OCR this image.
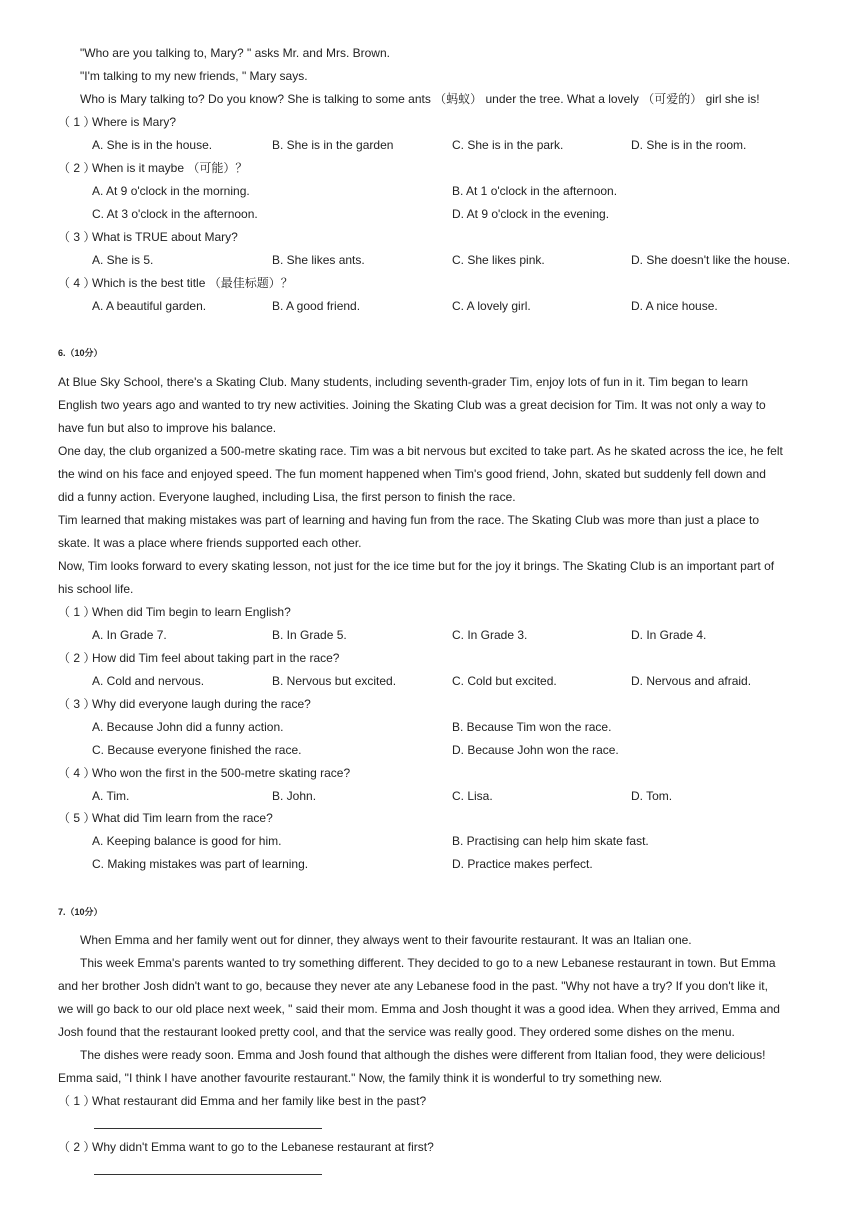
"Who are you talking to, Mary? " asks Mr. and Mrs. Brown.
"I'm talking to my new friends, " Mary says.
Who is Mary talking to? Do you know? She is talking to some ants （蚂蚁） under the tree. What a lovely （可爱的） girl she is!
（ 1 ）
Where is Mary?
A. She is in the house.	B. She is in the garden	C. She is in the park.	D. She is in the room.
（ 2 ）
When is it maybe （可能）？
A. At 9 o'clock in the morning.	B. At 1 o'clock in the afternoon.
C. At 3 o'clock in the afternoon.	D. At 9 o'clock in the evening.
（ 3 ）
What is TRUE about Mary?
A. She is 5.	B. She likes ants.	C. She likes pink.	D. She doesn't like the house.
（ 4 ）
Which is the best title （最佳标题）？
A. A beautiful garden.	B. A good friend.	C. A lovely girl.	D. A nice house.
6.（10分）
At Blue Sky School, there's a Skating Club. Many students, including seventh-grader Tim, enjoy lots of fun in it. Tim began to learn
English two years ago and wanted to try new activities. Joining the Skating Club was a great decision for Tim. It was not only a way to
have fun but also to improve his balance.
One day, the club organized a 500-metre skating race. Tim was a bit nervous but excited to take part. As he skated across the ice, he felt
the wind on his face and enjoyed speed. The fun moment happened when Tim's good friend, John, skated but suddenly fell down and
did a funny action. Everyone laughed, including Lisa, the first person to finish the race.
Tim learned that making mistakes was part of learning and having fun from the race. The Skating Club was more than just a place to
skate. It was a place where friends supported each other.
Now, Tim looks forward to every skating lesson, not just for the ice time but for the joy it brings. The Skating Club is an important part of
his school life.
（ 1 ）
When did Tim begin to learn English?
A. In Grade 7.	B. In Grade 5.	C. In Grade 3.	D. In Grade 4.
（ 2 ）
How did Tim feel about taking part in the race?
A. Cold and nervous.	B. Nervous but excited.	C. Cold but excited.	D. Nervous and afraid.
（ 3 ）
Why did everyone laugh during the race?
A. Because John did a funny action.	B. Because Tim won the race.
C. Because everyone finished the race.	D. Because John won the race.
（ 4 ）
Who won the first in the 500-metre skating race?
A. Tim.	B. John.	C. Lisa.	D. Tom.
（ 5 ）
What did Tim learn from the race?
A. Keeping balance is good for him.	B. Practising can help him skate fast.
C. Making mistakes was part of learning.	D. Practice makes perfect.
7.（10分）
When Emma and her family went out for dinner, they always went to their favourite restaurant. It was an Italian one.
This week Emma's parents wanted to try something different. They decided to go to a new Lebanese restaurant in town. But Emma
and her brother Josh didn't want to go, because they never ate any Lebanese food in the past. "Why not have a try? If you don't like it,
we will go back to our old place next week, " said their mom. Emma and Josh thought it was a good idea. When they arrived, Emma and
Josh found that the restaurant looked pretty cool, and that the service was really good. They ordered some dishes on the menu.
The dishes were ready soon. Emma and Josh found that although the dishes were different from Italian food, they were delicious!
Emma said, "I think I have another favourite restaurant." Now, the family think it is wonderful to try something new.
（ 1 ）
What restaurant did Emma and her family like best in the past?
（ 2 ）
Why didn't Emma want to go to the Lebanese restaurant at first?
